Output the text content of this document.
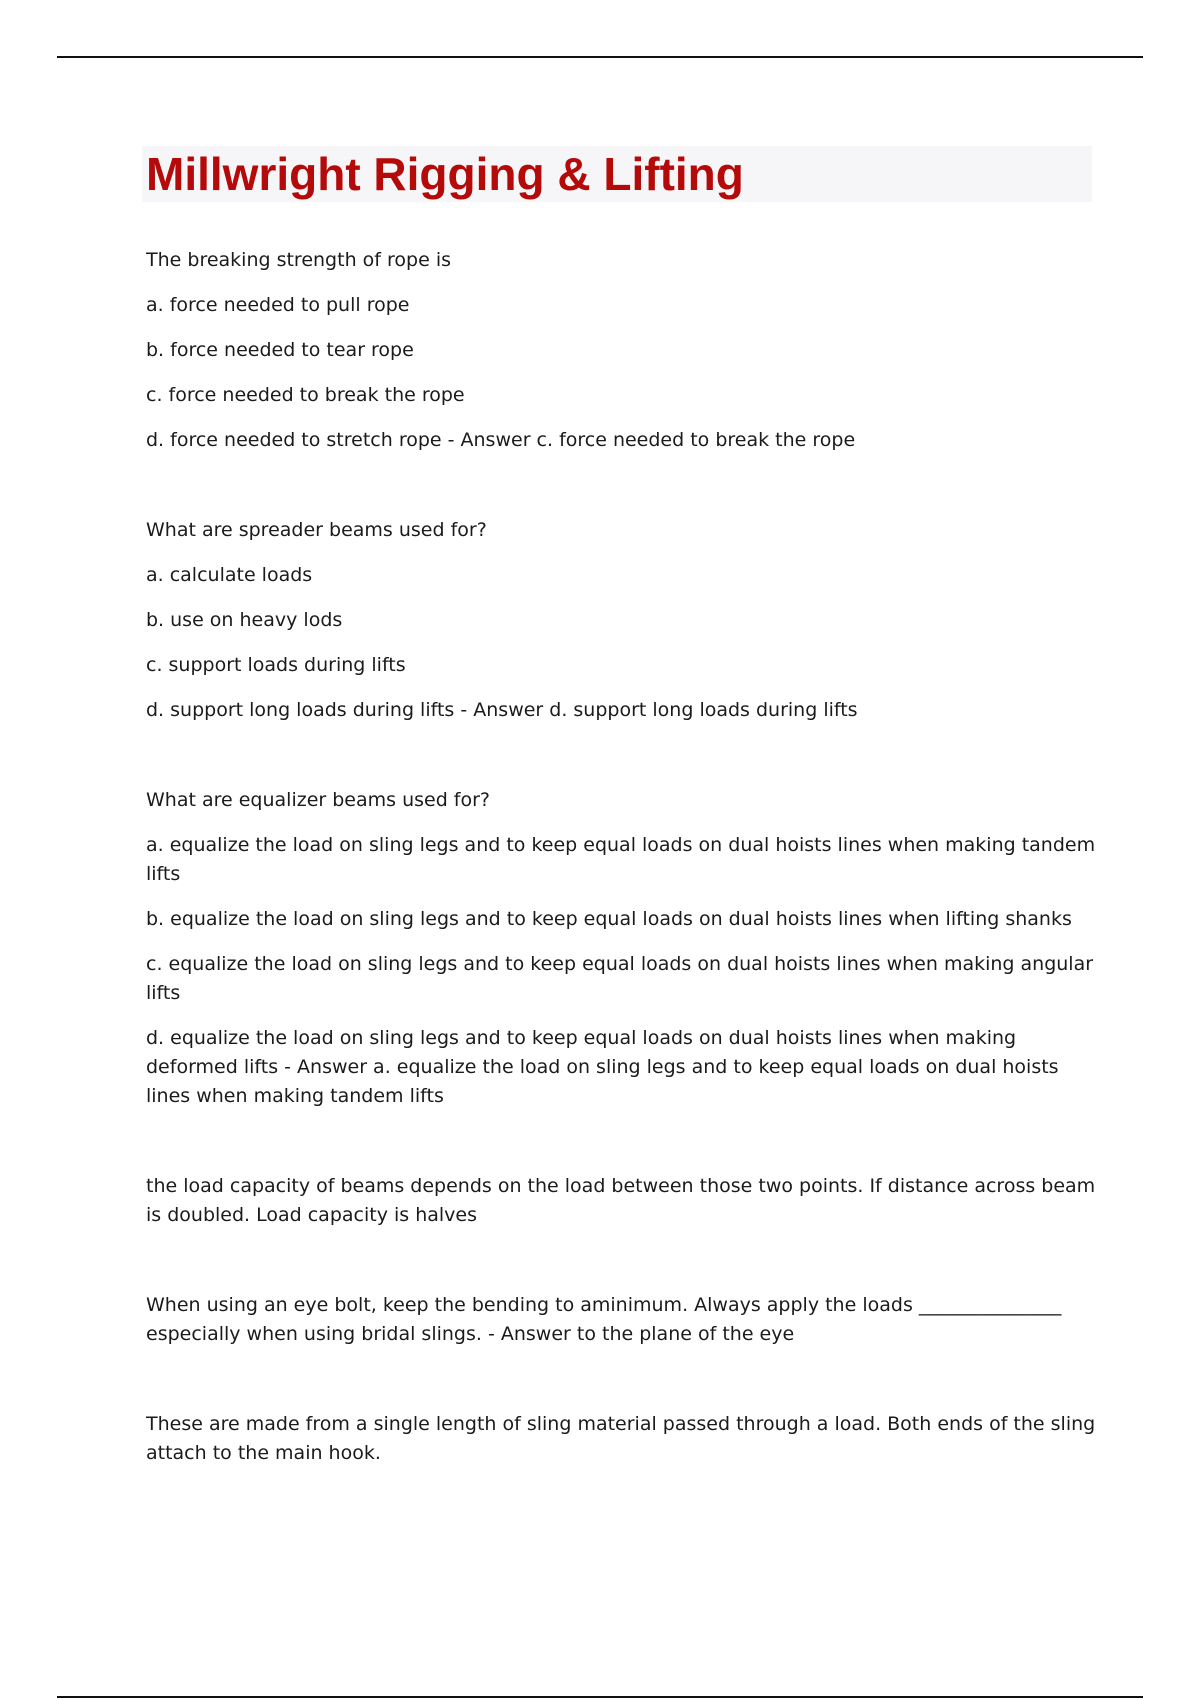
Millwright Rigging & Lifting

The breaking strength of rope is

a. force needed to pull rope

b. force needed to tear rope

c. force needed to break the rope

d. force needed to stretch rope - Answer c. force needed to break the rope

What are spreader beams used for?

a. calculate loads

b. use on heavy lods

c. support loads during lifts

d. support long loads during lifts - Answer d. support long loads during lifts

What are equalizer beams used for?

a. equalize the load on sling legs and to keep equal loads on dual hoists lines when making tandem lifts

b. equalize the load on sling legs and to keep equal loads on dual hoists lines when lifting shanks

c. equalize the load on sling legs and to keep equal loads on dual hoists lines when making angular lifts

d. equalize the load on sling legs and to keep equal loads on dual hoists lines when making deformed lifts - Answer a. equalize the load on sling legs and to keep equal loads on dual hoists lines when making tandem lifts

the load capacity of beams depends on the load between those two points. If distance across beam is doubled. Load capacity is halves

When using an eye bolt, keep the bending to aminimum. Always apply the loads _______________ especially when using bridal slings. - Answer to the plane of the eye

These are made from a single length of sling material passed through a load. Both ends of the sling attach to the main hook.
